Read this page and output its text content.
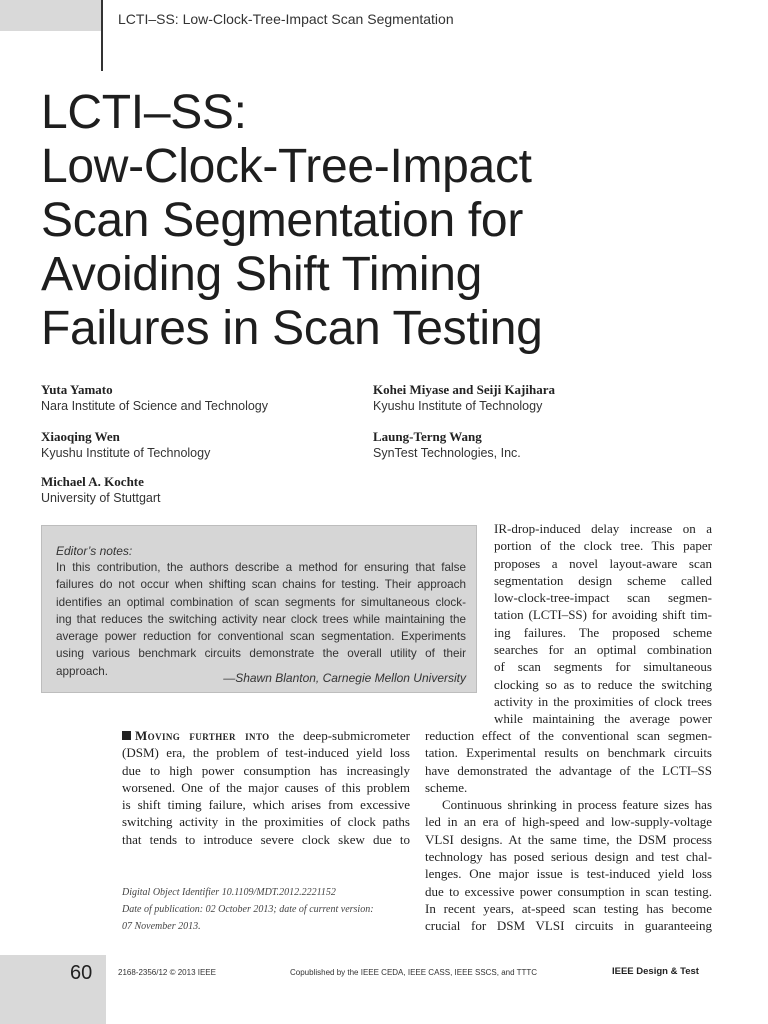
LCTI–SS: Low-Clock-Tree-Impact Scan Segmentation
LCTI–SS:
Low-Clock-Tree-Impact
Scan Segmentation for
Avoiding Shift Timing
Failures in Scan Testing
Yuta Yamato
Nara Institute of Science and Technology
Xiaoqing Wen
Kyushu Institute of Technology
Michael A. Kochte
University of Stuttgart
Kohei Miyase and Seiji Kajihara
Kyushu Institute of Technology
Laung-Terng Wang
SynTest Technologies, Inc.
Editor’s notes:
In this contribution, the authors describe a method for ensuring that false
failures do not occur when shifting scan chains for testing. Their approach
identifies an optimal combination of scan segments for simultaneous clock-
ing that reduces the switching activity near clock trees while maintaining the
average power reduction for conventional scan segmentation. Experiments
using various benchmark circuits demonstrate the overall utility of their
approach.	—Shawn Blanton, Carnegie Mellon University
IR-drop-induced delay increase on a
portion of the clock tree. This paper
proposes a novel layout-aware scan
segmentation design scheme called
low-clock-tree-impact scan segmen-
tation (LCTI–SS) for avoiding shift tim-
ing failures. The proposed scheme
searches for an optimal combination
of scan segments for simultaneous
clocking so as to reduce the switching
activity in the proximities of clock trees
while maintaining the average power
Moving further into the deep-submicrometer
(DSM) era, the problem of test-induced yield loss
due to high power consumption has increasingly
worsened. One of the major causes of this problem
is shift timing failure, which arises from excessive
switching activity in the proximities of clock paths
that tends to introduce severe clock skew due to
reduction effect of the conventional scan segmen-
tation. Experimental results on benchmark circuits
have demonstrated the advantage of the LCTI–SS
scheme.
Continuous shrinking in process feature sizes has
led in an era of high-speed and low-supply-voltage
VLSI designs. At the same time, the DSM process
technology has posed serious design and test chal-
lenges. One major issue is test-induced yield loss
due to excessive power consumption in scan testing.
In recent years, at-speed scan testing has become
crucial for DSM VLSI circuits in guaranteeing
Digital Object Identifier 10.1109/MDT.2012.2221152
Date of publication: 02 October 2013; date of current version:
07 November 2013.
60	2168-2356/12 © 2013 IEEE	Copublished by the IEEE CEDA, IEEE CASS, IEEE SSCS, and TTTC	IEEE Design & Test
